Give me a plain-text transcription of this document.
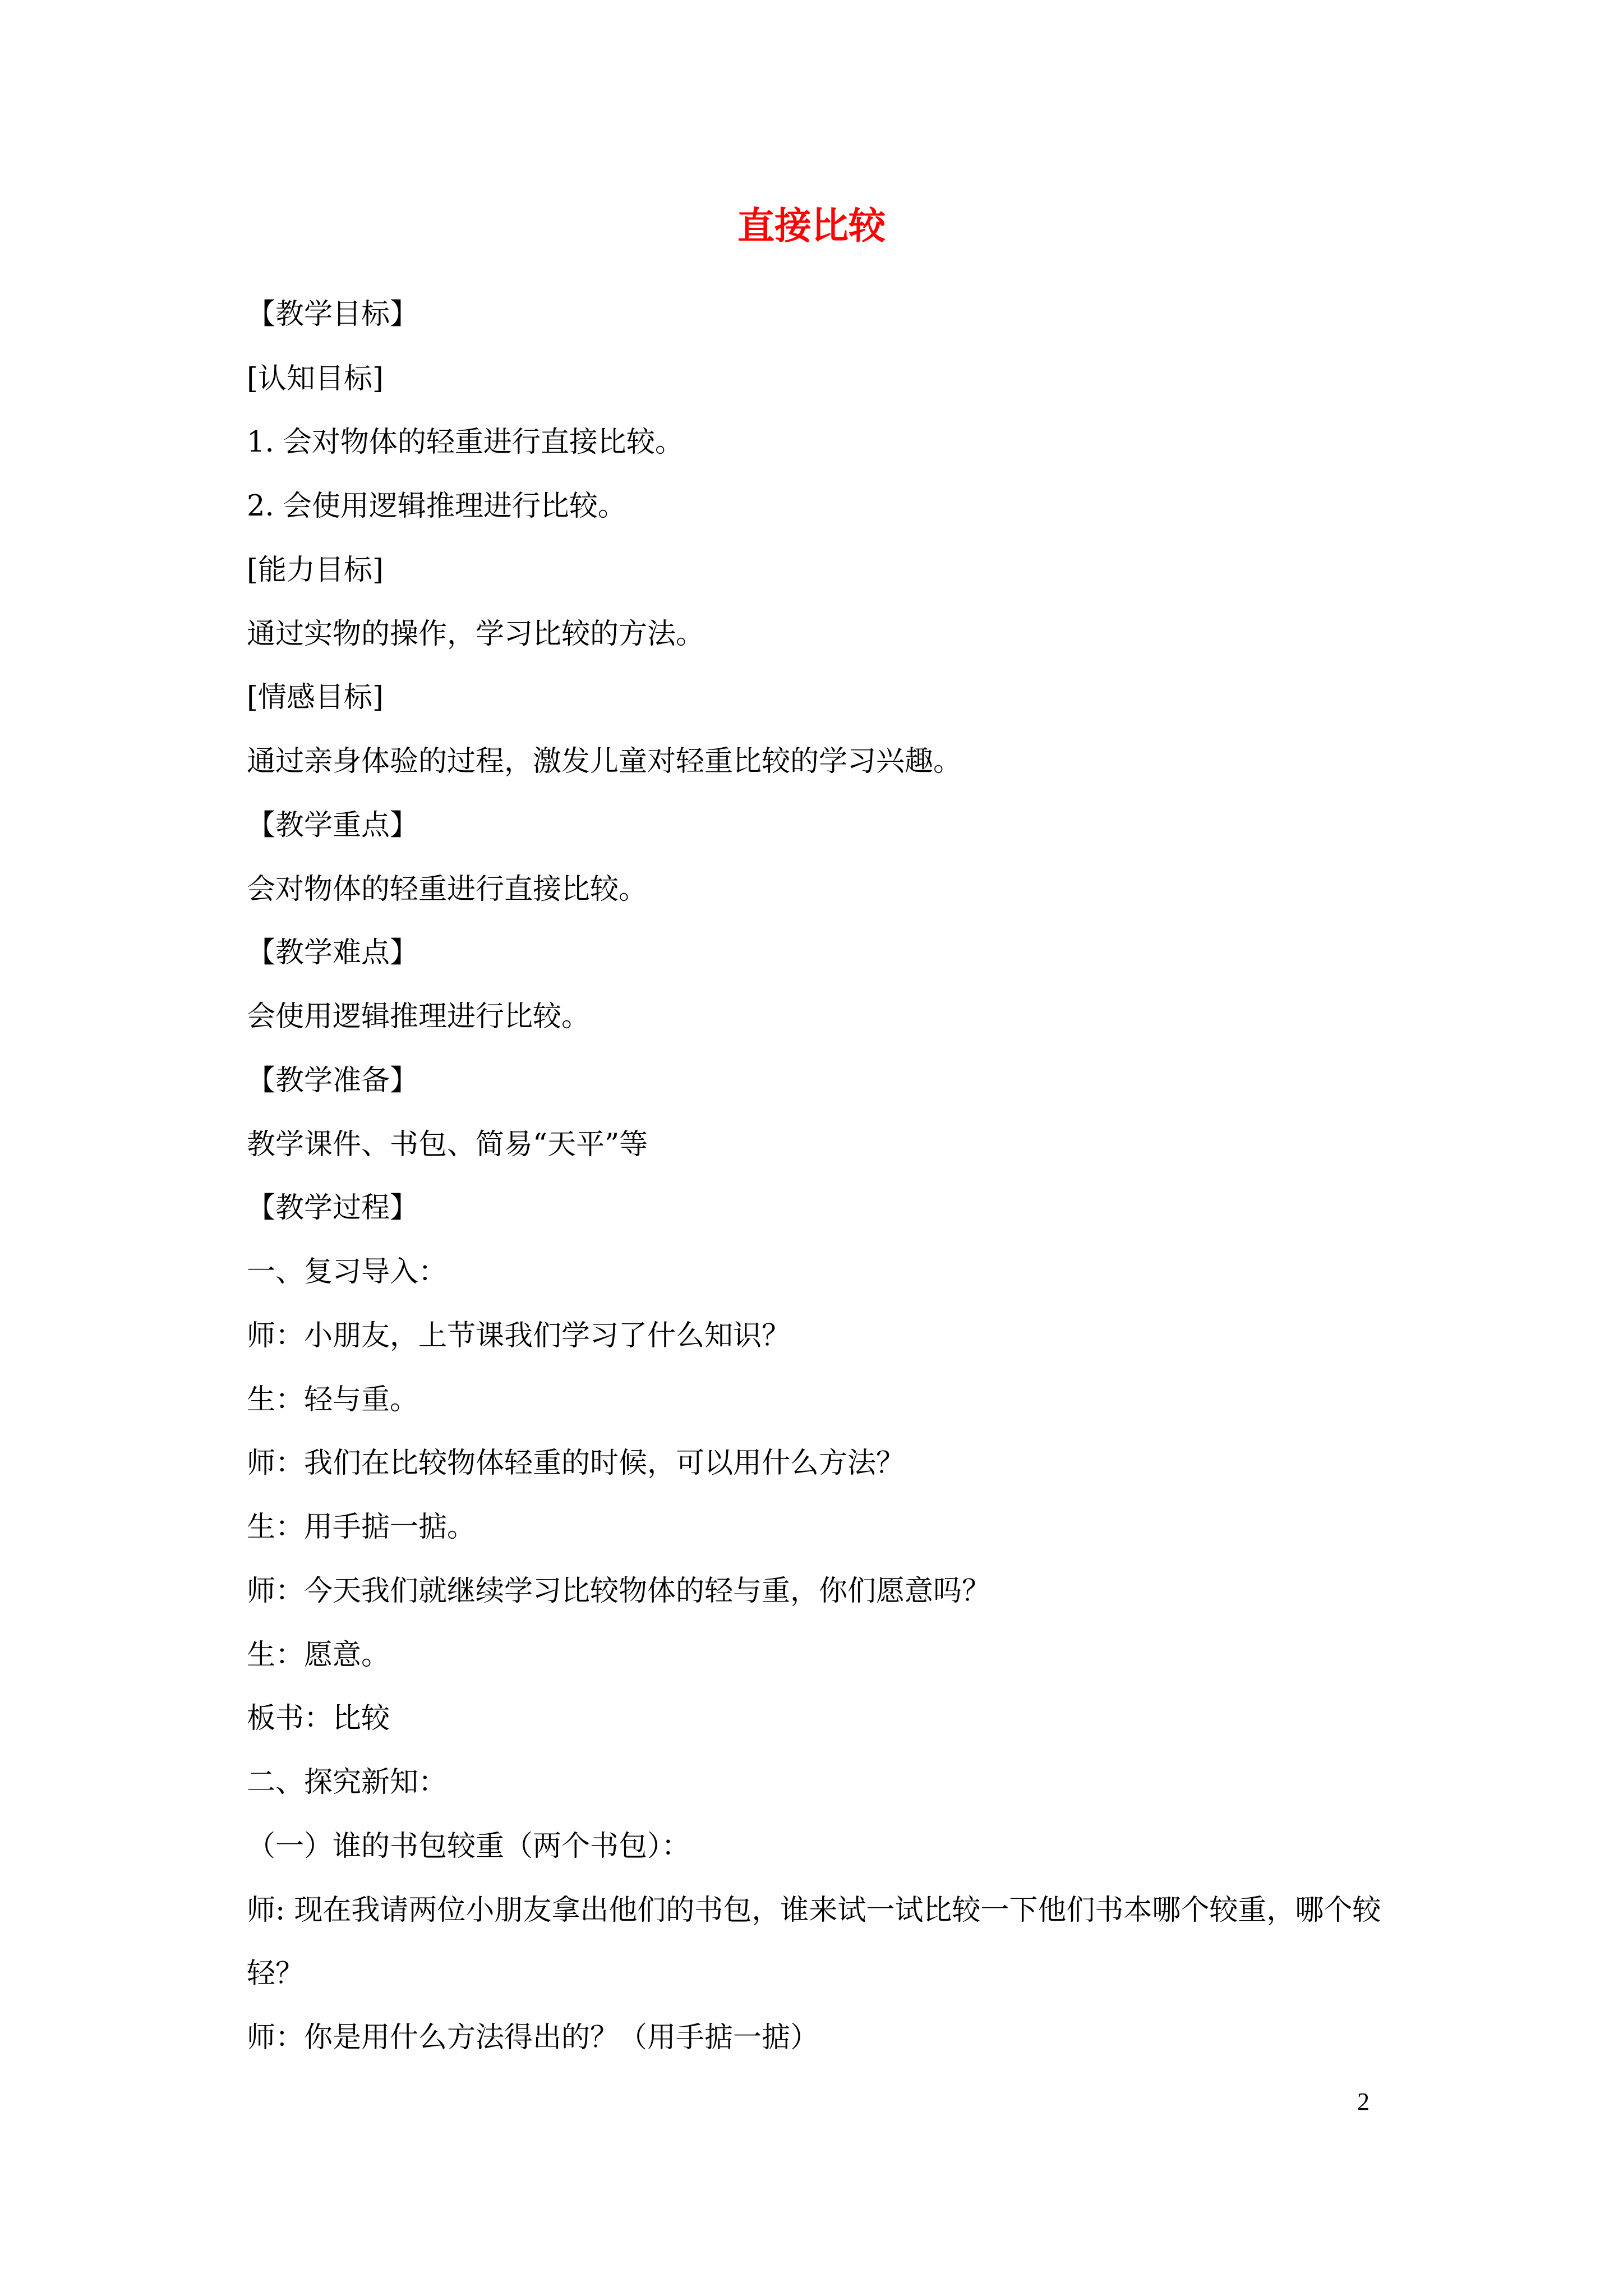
直接比较
【教学目标】
[认知目标]
1. 会对物体的轻重进行直接比较。
2. 会使用逻辑推理进行比较。
[能力目标]
通过实物的操作，学习比较的方法。
[情感目标]
通过亲身体验的过程，激发儿童对轻重比较的学习兴趣。
【教学重点】
会对物体的轻重进行直接比较。
【教学难点】
会使用逻辑推理进行比较。
【教学准备】
教学课件、书包、简易“天平”等
【教学过程】
一、复习导入：
师：小朋友，上节课我们学习了什么知识？
生：轻与重。
师：我们在比较物体轻重的时候，可以用什么方法？
生：用手掂一掂。
师：今天我们就继续学习比较物体的轻与重，你们愿意吗？
生：愿意。
板书：比较
二、探究新知：
（一）谁的书包较重（两个书包）：
师: 现在我请两位小朋友拿出他们的书包，谁来试一试比较一下他们书本哪个较重，哪个较
轻？
师：你是用什么方法得出的？（用手掂一掂）
2
